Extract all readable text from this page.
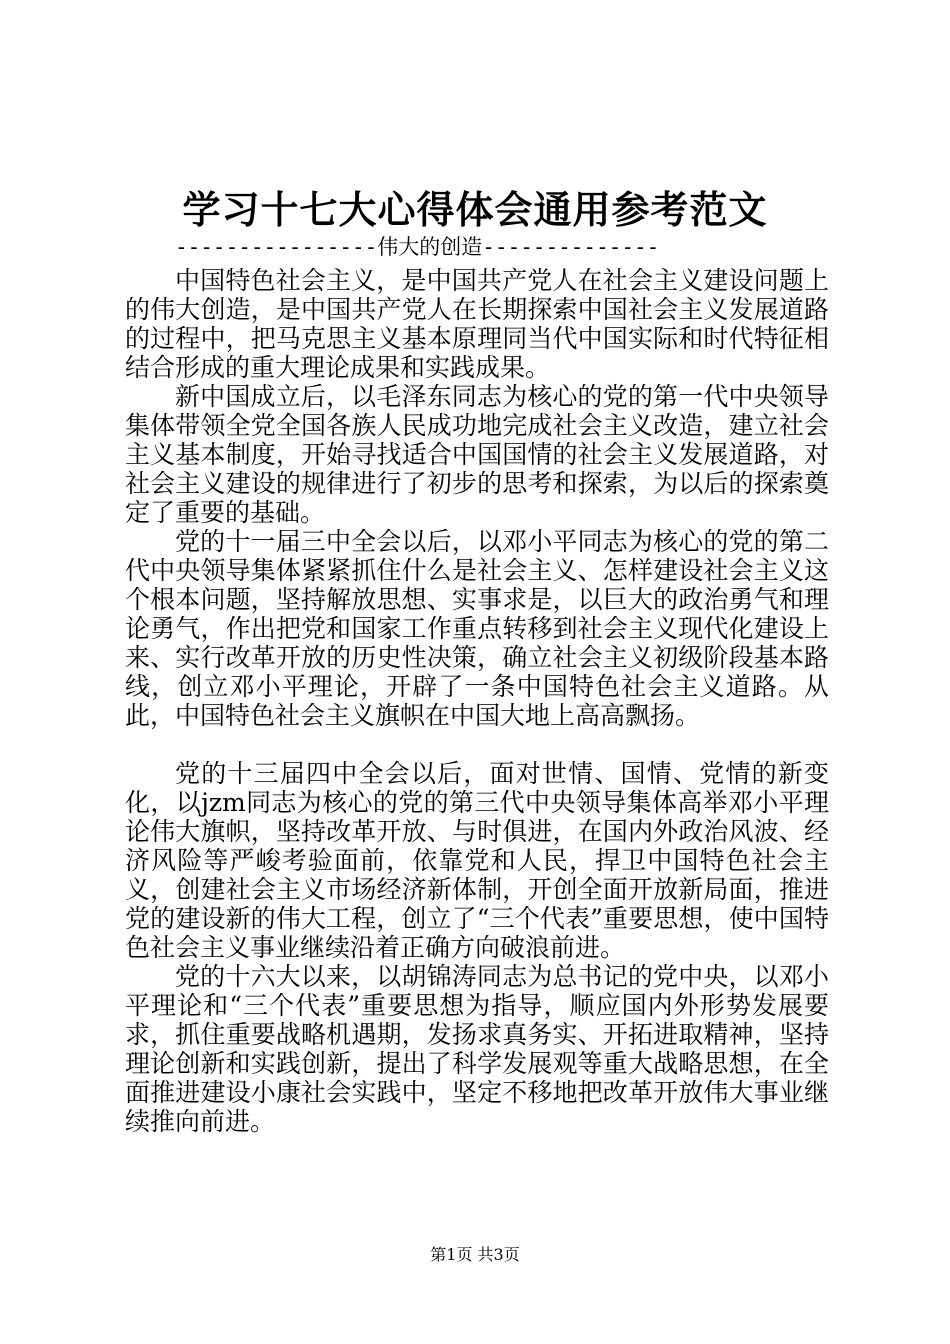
学习十七大心得体会通用参考范文
----------------伟大的创造--------------

中国特色社会主义，是中国共产党人在社会主义建设问题上的伟大创造，是中国共产党人在长期探索中国社会主义发展道路的过程中，把马克思主义基本原理同当代中国实际和时代特征相结合形成的重大理论成果和实践成果。

新中国成立后，以毛泽东同志为核心的党的第一代中央领导集体带领全党全国各族人民成功地完成社会主义改造，建立社会主义基本制度，开始寻找适合中国国情的社会主义发展道路，对社会主义建设的规律进行了初步的思考和探索，为以后的探索奠定了重要的基础。

党的十一届三中全会以后，以邓小平同志为核心的党的第二代中央领导集体紧紧抓住什么是社会主义、怎样建设社会主义这个根本问题，坚持解放思想、实事求是，以巨大的政治勇气和理论勇气，作出把党和国家工作重点转移到社会主义现代化建设上来、实行改革开放的历史性决策，确立社会主义初级阶段基本路线，创立邓小平理论，开辟了一条中国特色社会主义道路。从此，中国特色社会主义旗帜在中国大地上高高飘扬。

党的十三届四中全会以后，面对世情、国情、党情的新变化，以jzm同志为核心的党的第三代中央领导集体高举邓小平理论伟大旗帜，坚持改革开放、与时俱进，在国内外政治风波、经济风险等严峻考验面前，依靠党和人民，捍卫中国特色社会主义，创建社会主义市场经济新体制，开创全面开放新局面，推进党的建设新的伟大工程，创立了“三个代表”重要思想，使中国特色社会主义事业继续沿着正确方向破浪前进。

党的十六大以来，以胡锦涛同志为总书记的党中央，以邓小平理论和“三个代表”重要思想为指导，顺应国内外形势发展要求，抓住重要战略机遇期，发扬求真务实、开拓进取精神，坚持理论创新和实践创新，提出了科学发展观等重大战略思想，在全面推进建设小康社会实践中，坚定不移地把改革开放伟大事业继续推向前进。

第1页 共3页
